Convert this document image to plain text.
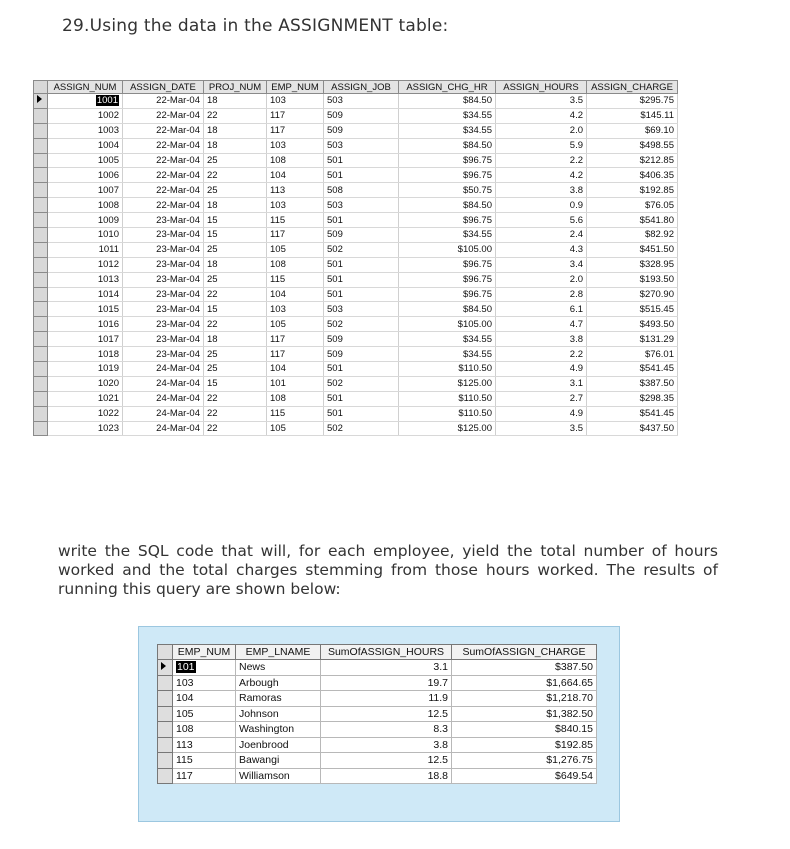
29.Using the data in the ASSIGNMENT table:
	ASSIGN_NUM	ASSIGN_DATE	PROJ_NUM	EMP_NUM	ASSIGN_JOB	ASSIGN_CHG_HR	ASSIGN_HOURS	ASSIGN_CHARGE
	1001	22-Mar-04	18	103	503	$84.50	3.5	$295.75
	1002	22-Mar-04	22	117	509	$34.55	4.2	$145.11
	1003	22-Mar-04	18	117	509	$34.55	2.0	$69.10
	1004	22-Mar-04	18	103	503	$84.50	5.9	$498.55
	1005	22-Mar-04	25	108	501	$96.75	2.2	$212.85
	1006	22-Mar-04	22	104	501	$96.75	4.2	$406.35
	1007	22-Mar-04	25	113	508	$50.75	3.8	$192.85
	1008	22-Mar-04	18	103	503	$84.50	0.9	$76.05
	1009	23-Mar-04	15	115	501	$96.75	5.6	$541.80
	1010	23-Mar-04	15	117	509	$34.55	2.4	$82.92
	1011	23-Mar-04	25	105	502	$105.00	4.3	$451.50
	1012	23-Mar-04	18	108	501	$96.75	3.4	$328.95
	1013	23-Mar-04	25	115	501	$96.75	2.0	$193.50
	1014	23-Mar-04	22	104	501	$96.75	2.8	$270.90
	1015	23-Mar-04	15	103	503	$84.50	6.1	$515.45
	1016	23-Mar-04	22	105	502	$105.00	4.7	$493.50
	1017	23-Mar-04	18	117	509	$34.55	3.8	$131.29
	1018	23-Mar-04	25	117	509	$34.55	2.2	$76.01
	1019	24-Mar-04	25	104	501	$110.50	4.9	$541.45
	1020	24-Mar-04	15	101	502	$125.00	3.1	$387.50
	1021	24-Mar-04	22	108	501	$110.50	2.7	$298.35
	1022	24-Mar-04	22	115	501	$110.50	4.9	$541.45
	1023	24-Mar-04	22	105	502	$125.00	3.5	$437.50
write the SQL code that will, for each employee, yield the total number of hours worked and the total charges stemming from those hours worked. The results of running this query are shown below:
	EMP_NUM	EMP_LNAME	SumOfASSIGN_HOURS	SumOfASSIGN_CHARGE
	101	News	3.1	$387.50
	103	Arbough	19.7	$1,664.65
	104	Ramoras	11.9	$1,218.70
	105	Johnson	12.5	$1,382.50
	108	Washington	8.3	$840.15
	113	Joenbrood	3.8	$192.85
	115	Bawangi	12.5	$1,276.75
	117	Williamson	18.8	$649.54
